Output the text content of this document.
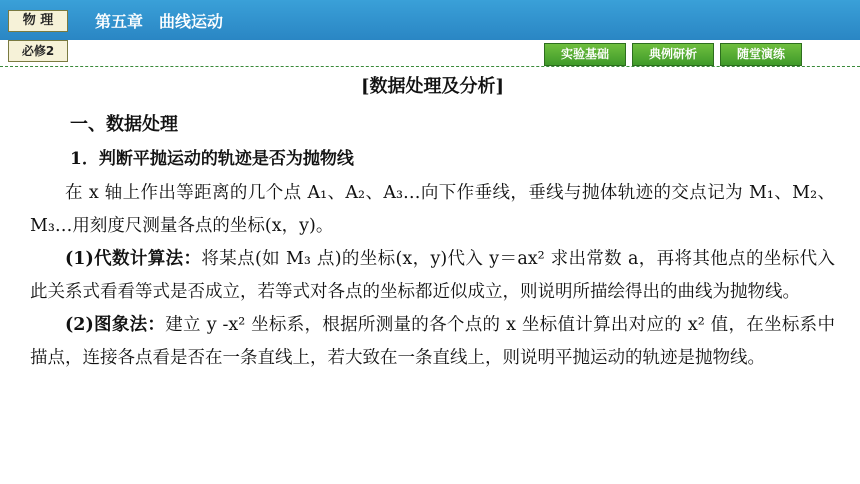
物 理	第五章　曲线运动
必修2	实验基础	典例研析	随堂演练
[数据处理及分析]
一、数据处理
1．判断平抛运动的轨迹是否为抛物线

在 x 轴上作出等距离的几个点 A₁、A₂、A₃…向下作垂线，垂线与抛体轨迹的交点记为 M₁、M₂、M₃…用刻度尺测量各点的坐标(x，y)。

(1)代数计算法：将某点(如 M₃ 点)的坐标(x，y)代入 y＝ax² 求出常数 a，再将其他点的坐标代入此关系式看看等式是否成立，若等式对各点的坐标都近似成立，则说明所描绘得出的曲线为抛物线。

(2)图象法：建立 y -x² 坐标系，根据所测量的各个点的 x 坐标值计算出对应的 x² 值，在坐标系中描点，连接各点看是否在一条直线上，若大致在一条直线上，则说明平抛运动的轨迹是抛物线。
